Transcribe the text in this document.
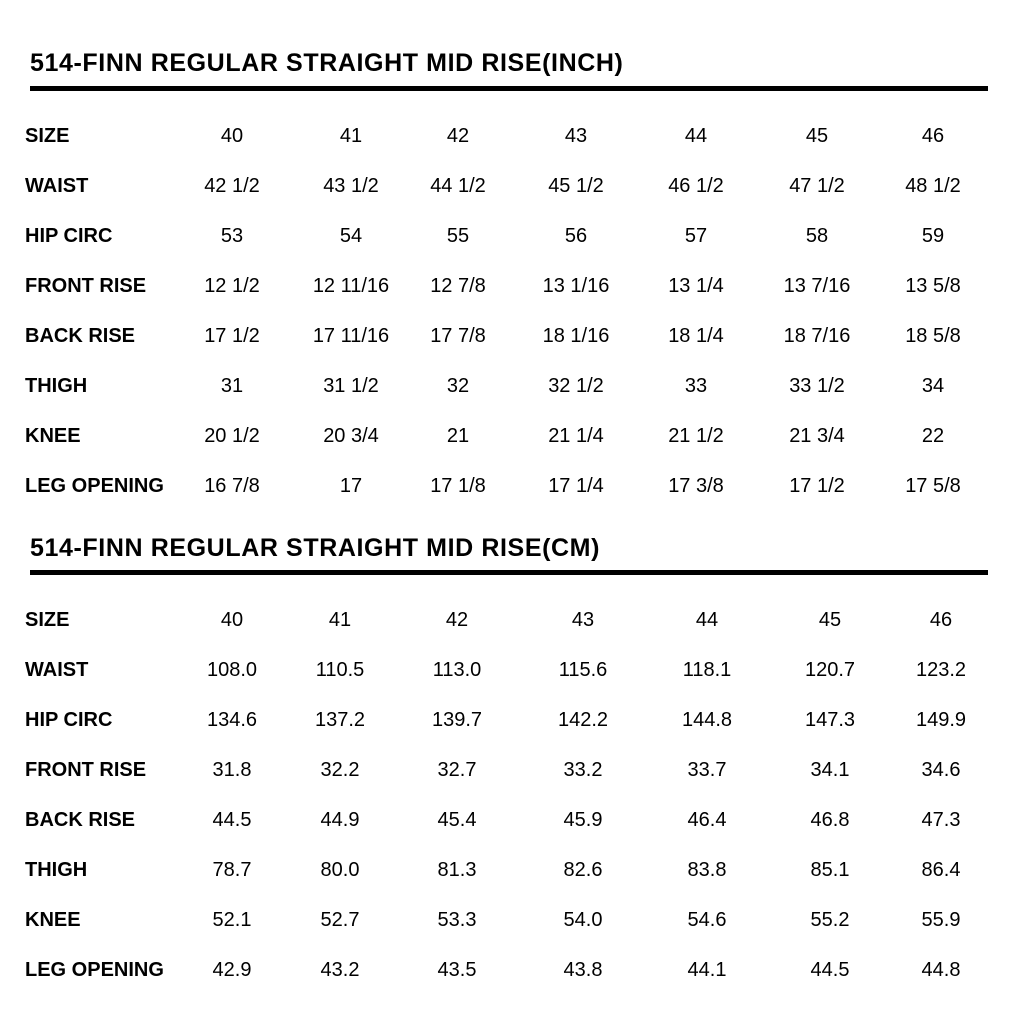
514-FINN REGULAR STRAIGHT MID RISE(INCH)
SIZE	40	41	42	43	44	45	46
WAIST	42 1/2	43 1/2	44 1/2	45 1/2	46 1/2	47 1/2	48 1/2
HIP CIRC	53	54	55	56	57	58	59
FRONT RISE	12 1/2	12 11/16	12 7/8	13 1/16	13 1/4	13 7/16	13 5/8
BACK RISE	17 1/2	17 11/16	17 7/8	18 1/16	18 1/4	18 7/16	18 5/8
THIGH	31	31 1/2	32	32 1/2	33	33 1/2	34
KNEE	20 1/2	20 3/4	21	21 1/4	21 1/2	21 3/4	22
LEG OPENING	16 7/8	17	17 1/8	17 1/4	17 3/8	17 1/2	17 5/8
514-FINN REGULAR STRAIGHT MID RISE(CM)
SIZE	40	41	42	43	44	45	46
WAIST	108.0	110.5	113.0	115.6	118.1	120.7	123.2
HIP CIRC	134.6	137.2	139.7	142.2	144.8	147.3	149.9
FRONT RISE	31.8	32.2	32.7	33.2	33.7	34.1	34.6
BACK RISE	44.5	44.9	45.4	45.9	46.4	46.8	47.3
THIGH	78.7	80.0	81.3	82.6	83.8	85.1	86.4
KNEE	52.1	52.7	53.3	54.0	54.6	55.2	55.9
LEG OPENING	42.9	43.2	43.5	43.8	44.1	44.5	44.8
